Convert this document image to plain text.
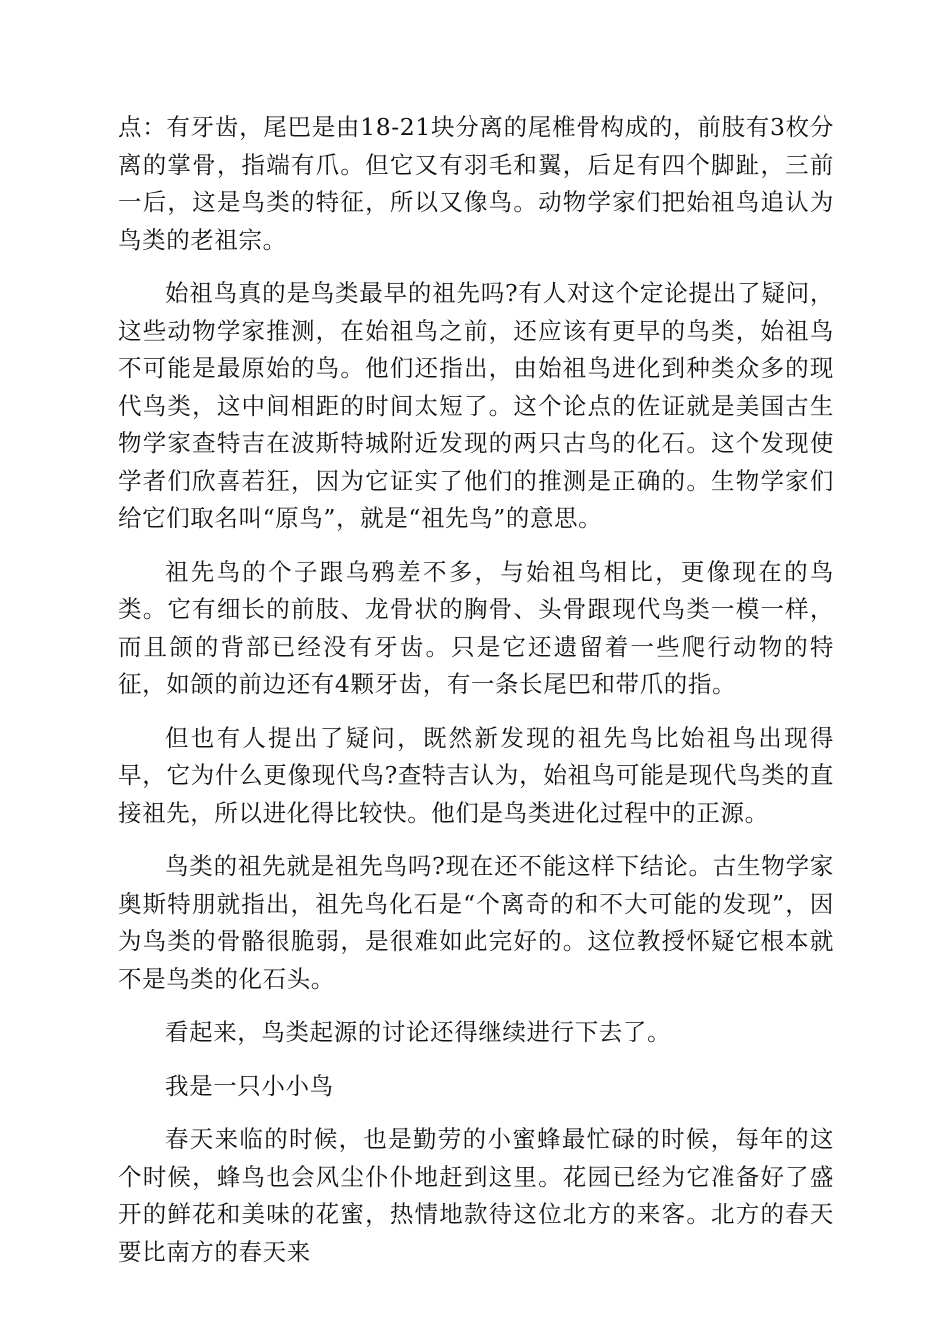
点：有牙齿，尾巴是由18-21块分离的尾椎骨构成的，前肢有3枚分离的掌骨，指端有爪。但它又有羽毛和翼，后足有四个脚趾，三前一后，这是鸟类的特征，所以又像鸟。动物学家们把始祖鸟追认为鸟类的老祖宗。

始祖鸟真的是鸟类最早的祖先吗?有人对这个定论提出了疑问，这些动物学家推测，在始祖鸟之前，还应该有更早的鸟类，始祖鸟不可能是最原始的鸟。他们还指出，由始祖鸟进化到种类众多的现代鸟类，这中间相距的时间太短了。这个论点的佐证就是美国古生物学家查特吉在波斯特城附近发现的两只古鸟的化石。这个发现使学者们欣喜若狂，因为它证实了他们的推测是正确的。生物学家们给它们取名叫“原鸟”，就是“祖先鸟”的意思。

祖先鸟的个子跟乌鸦差不多，与始祖鸟相比，更像现在的鸟类。它有细长的前肢、龙骨状的胸骨、头骨跟现代鸟类一模一样，而且颌的背部已经没有牙齿。只是它还遗留着一些爬行动物的特征，如颌的前边还有4颗牙齿，有一条长尾巴和带爪的指。

但也有人提出了疑问，既然新发现的祖先鸟比始祖鸟出现得早，它为什么更像现代鸟?查特吉认为，始祖鸟可能是现代鸟类的直接祖先，所以进化得比较快。他们是鸟类进化过程中的正源。

鸟类的祖先就是祖先鸟吗?现在还不能这样下结论。古生物学家奥斯特朋就指出，祖先鸟化石是“个离奇的和不大可能的发现”，因为鸟类的骨骼很脆弱，是很难如此完好的。这位教授怀疑它根本就不是鸟类的化石头。

看起来，鸟类起源的讨论还得继续进行下去了。

我是一只小小鸟

春天来临的时候，也是勤劳的小蜜蜂最忙碌的时候，每年的这个时候，蜂鸟也会风尘仆仆地赶到这里。花园已经为它准备好了盛开的鲜花和美味的花蜜，热情地款待这位北方的来客。北方的春天要比南方的春天来
